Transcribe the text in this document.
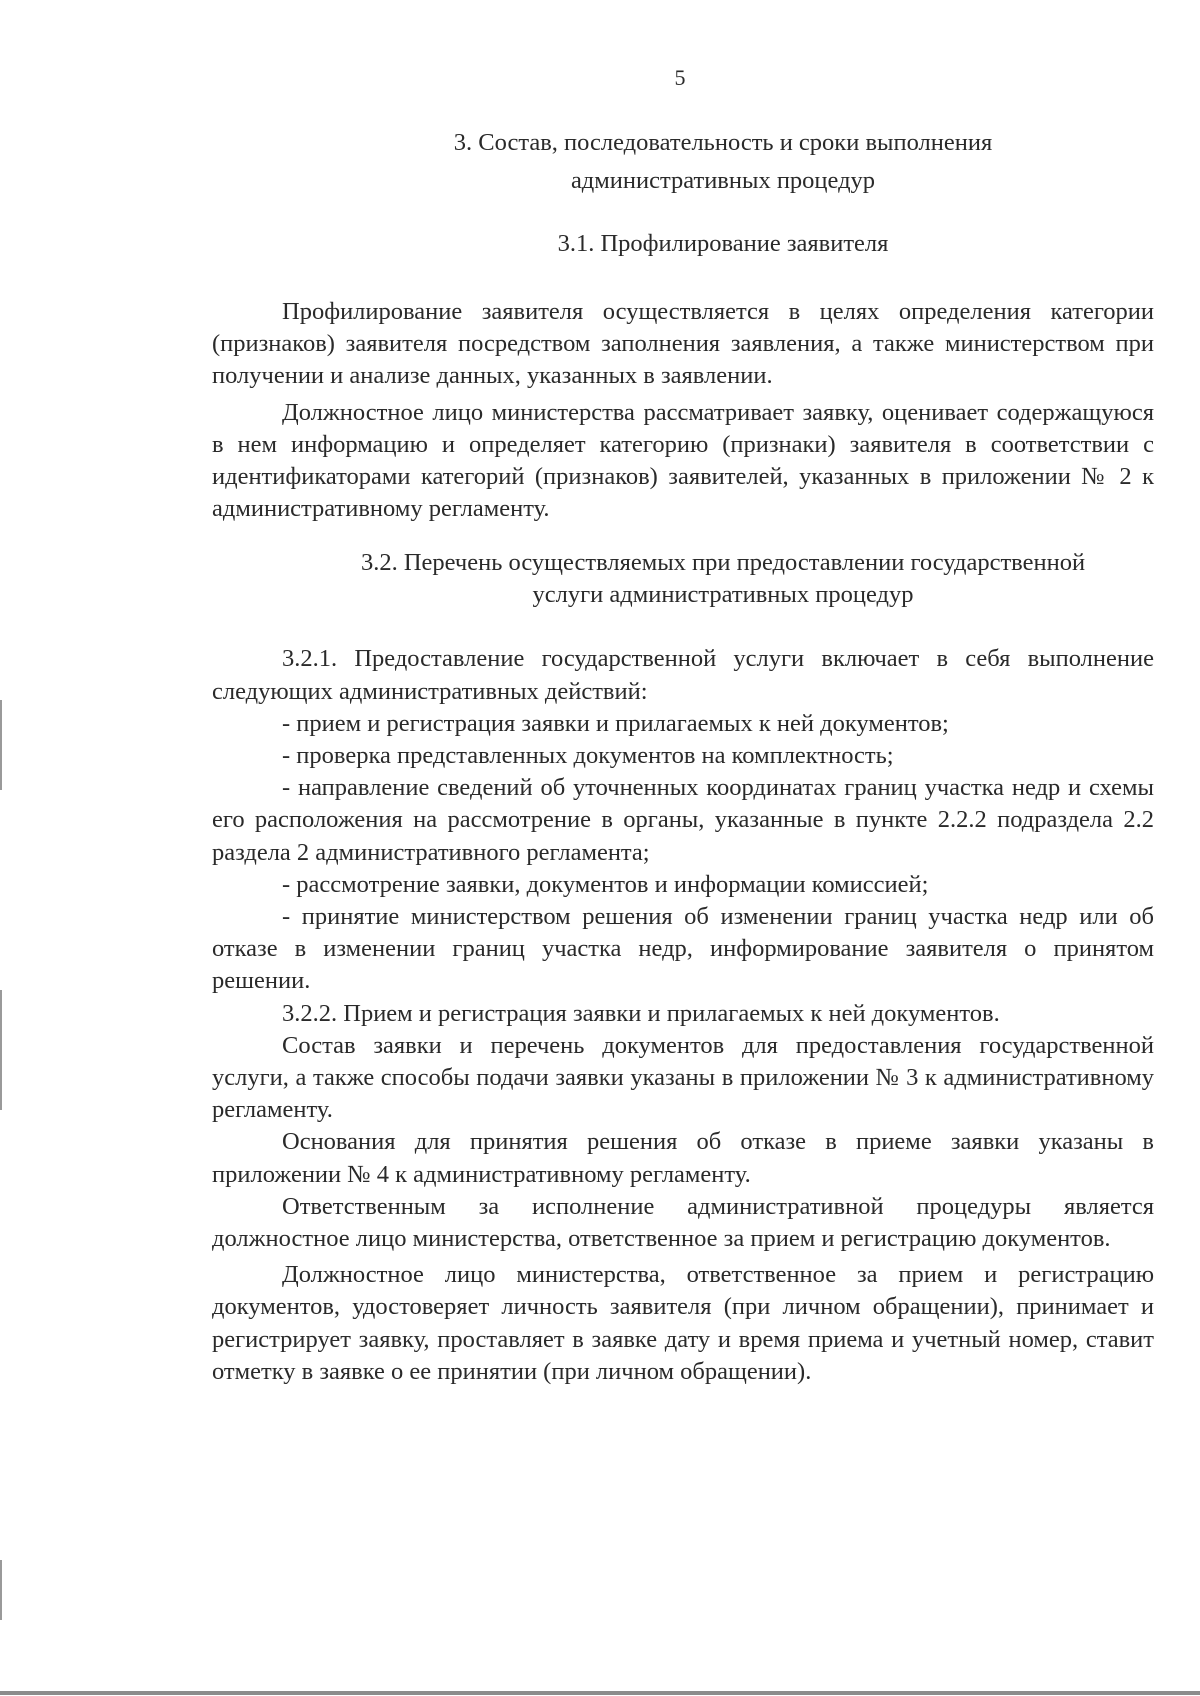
5
3. Состав, последовательность и сроки выполнения
административных процедур
3.1. Профилирование заявителя

Профилирование заявителя осуществляется в целях определения категории (признаков) заявителя посредством заполнения заявления, а также министерством при получении и анализе данных, указанных в заявлении.

Должностное лицо министерства рассматривает заявку, оценивает содержащуюся в нем информацию и определяет категорию (признаки) заявителя в соответствии с идентификаторами категорий (признаков) заявителей, указанных в приложении № 2 к административному регламенту.

3.2. Перечень осуществляемых при предоставлении государственной
услуги административных процедур

3.2.1. Предоставление государственной услуги включает в себя выполнение следующих административных действий:

- прием и регистрация заявки и прилагаемых к ней документов;

- проверка представленных документов на комплектность;

- направление сведений об уточненных координатах границ участка недр и схемы его расположения на рассмотрение в органы, указанные в пункте 2.2.2 подраздела 2.2 раздела 2 административного регламента;

- рассмотрение заявки, документов и информации комиссией;

- принятие министерством решения об изменении границ участка недр или об отказе в изменении границ участка недр, информирование заявителя о принятом решении.

3.2.2. Прием и регистрация заявки и прилагаемых к ней документов.

Состав заявки и перечень документов для предоставления государственной услуги, а также способы подачи заявки указаны в приложении № 3 к административному регламенту.

Основания для принятия решения об отказе в приеме заявки указаны в приложении № 4 к административному регламенту.

Ответственным за исполнение административной процедуры является должностное лицо министерства, ответственное за прием и регистрацию документов.

Должностное лицо министерства, ответственное за прием и регистрацию документов, удостоверяет личность заявителя (при личном обращении), принимает и регистрирует заявку, проставляет в заявке дату и время приема и учетный номер, ставит отметку в заявке о ее принятии (при личном обращении).
